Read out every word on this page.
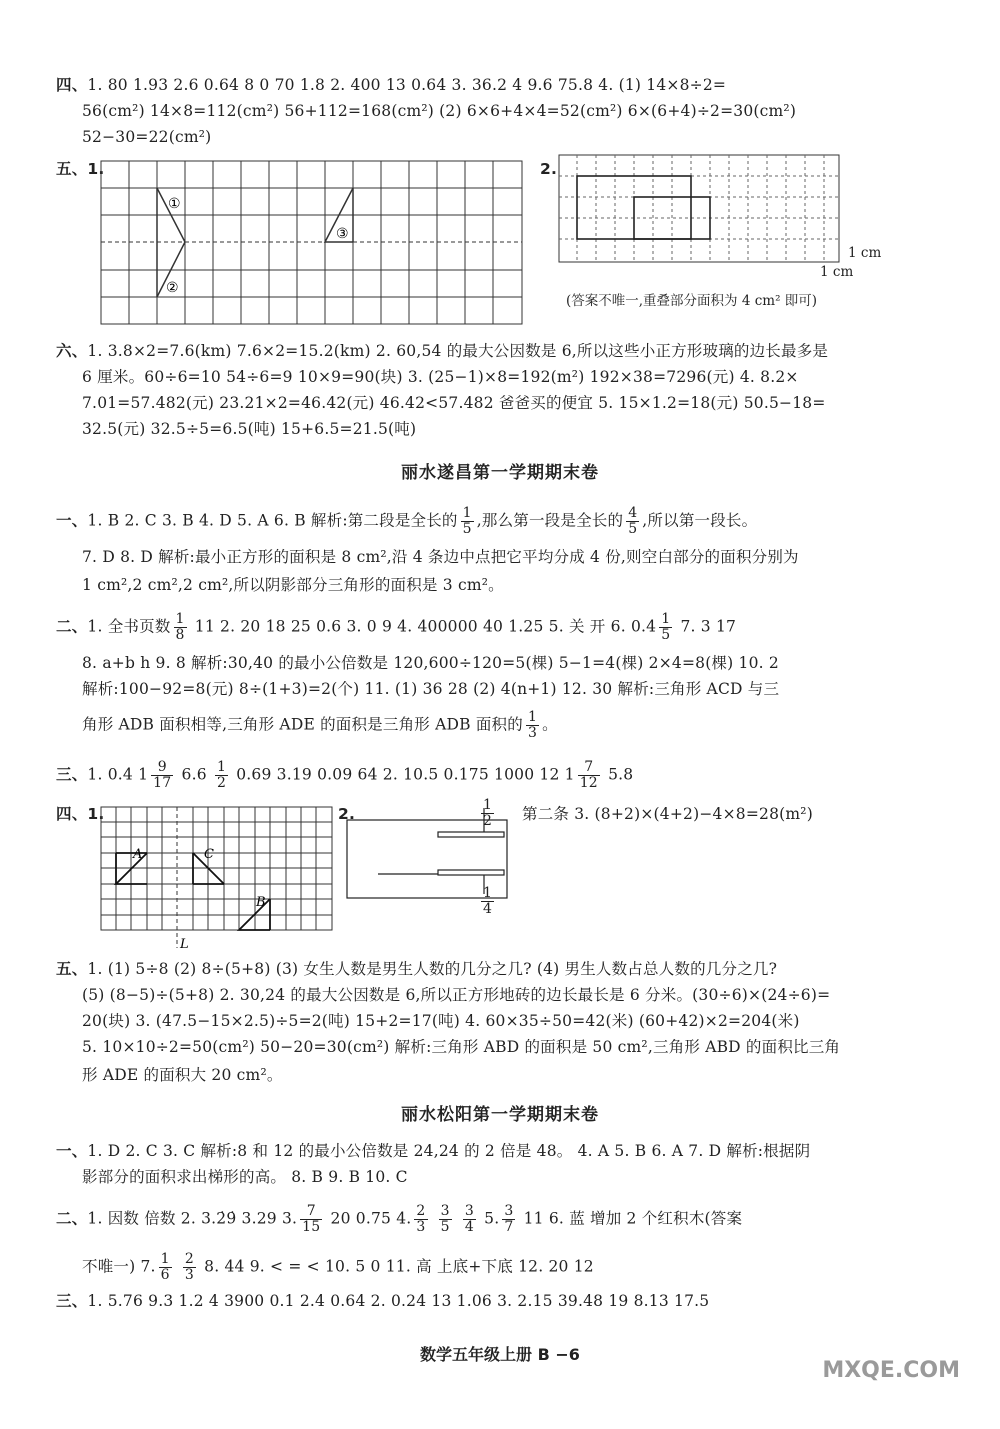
四、1. 80 1.93 2.6 0.64 8 0 70 1.8 2. 400 13 0.64 3. 36.2 4 9.6 75.8 4. (1) 14×8÷2=
56(cm²) 14×8=112(cm²) 56+112=168(cm²) (2) 6×6+4×4=52(cm²) 6×(6+4)÷2=30(cm²)
52−30=22(cm²)
五、1.
①
②
③
2.
1 cm
1 cm
(答案不唯一,重叠部分面积为 4 cm² 即可)
六、1. 3.8×2=7.6(km) 7.6×2=15.2(km) 2. 60,54 的最大公因数是 6,所以这些小正方形玻璃的边长最多是
6 厘米。60÷6=10 54÷6=9 10×9=90(块) 3. (25−1)×8=192(m²) 192×38=7296(元) 4. 8.2×
7.01=57.482(元) 23.21×2=46.42(元) 46.42<57.482 爸爸买的便宜 5. 15×1.2=18(元) 50.5−18=
32.5(元) 32.5÷5=6.5(吨) 15+6.5=21.5(吨)
丽水遂昌第一学期期末卷
一、1. B 2. C 3. B 4. D 5. A 6. B 解析:第二段是全长的 $\frac{1}{5}$ ,那么第一段是全长的 $\frac{4}{5}$ ,所以第一段长。
7. D 8. D 解析:最小正方形的面积是 8 cm²,沿 4 条边中点把它平均分成 4 份,则空白部分的面积分别为
1 cm²,2 cm²,2 cm²,所以阴影部分三角形的面积是 3 cm²。
二、1. 全书页数 $\frac{1}{8} 11$ 2. 20 18 25 0.6 3. 0 9 4. 400000 40 1.25 5. 关 开 6. $0.4 \frac{1}{5} 7$. 3 17
8. a+b h 9. 8 解析:30,40 的最小公倍数是 120,600÷120=5(棵) 5−1=4(棵) 2×4=8(棵) 10. 2
解析:100−92=8(元) 8÷(1+3)=2(个) 11. (1) 36 28 (2) 4(n+1) 12. 30 解析:三角形 ACD 与三
角形 ADB 面积相等,三角形 ADE 的面积是三角形 ADB 面积的 $\frac{1}{3}$ 。
三、1. 0.4 $1 \frac{9}{17} 6.6 \frac{1}{2} 0.69$ 3.19 0.09 64 2. 10.5 0.175 1000 12 $1 \frac{7}{12} 5.8$
四、1.
A	C
B
L
2.	$\frac{1}{2}$
$\frac{1}{4}$
第二条 3. (8+2)×(4+2)−4×8=28(m²)
五、1. (1) 5÷8 (2) 8÷(5+8) (3) 女生人数是男生人数的几分之几? (4) 男生人数占总人数的几分之几?
(5) (8−5)÷(5+8) 2. 30,24 的最大公因数是 6,所以正方形地砖的边长最长是 6 分米。(30÷6)×(24÷6)=
20(块) 3. (47.5−15×2.5)÷5=2(吨) 15+2=17(吨) 4. 60×35÷50=42(米) (60+42)×2=204(米)
5. 10×10÷2=50(cm²) 50−20=30(cm²) 解析:三角形 ABD 的面积是 50 cm²,三角形 ABD 的面积比三角
形 ADE 的面积大 20 cm²。
丽水松阳第一学期期末卷
一、1. D 2. C 3. C 解析:8 和 12 的最小公倍数是 24,24 的 2 倍是 48。 4. A 5. B 6. A 7. D 解析:根据阴
影部分的面积求出梯形的高。 8. B 9. B 10. C
二、1. 因数 倍数 2. 3.2̇9̇ 3.29 3. $\frac{7}{15} 20$ 0.75 4. $\frac{2}{3}$
$\frac{3}{5}$
$\frac{3}{4} 5$. $\frac{3}{7} 11$ 6. 蓝 增加 2 个红积木(答案
不唯一) 7. $\frac{1}{6}$
$\frac{2}{3} 8$. 44 9. < = < 10. 5 0 11. 高 上底+下底 12. 20 12
三、1. 5.76 9.3 1.2 4 3900 0.1 2.4 0.64 2. 0.24 13 1.06 3. 2.15 39.48 19 8.13 17.5
数学五年级上册 B −6
MXQE.COM
